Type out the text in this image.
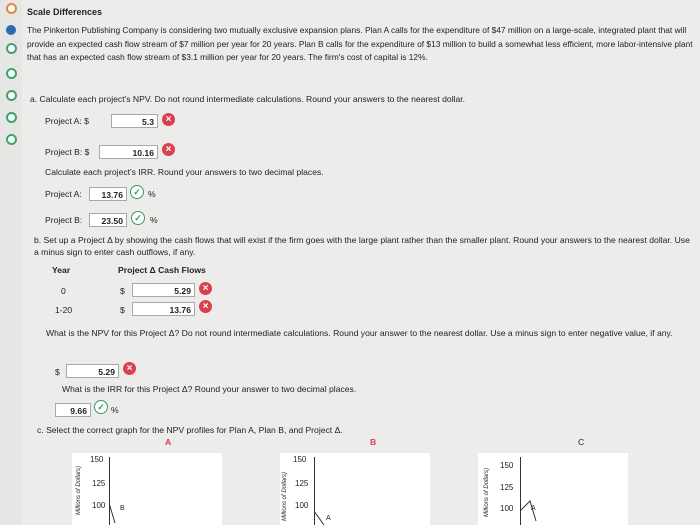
Scale Differences
The Pinkerton Publishing Company is considering two mutually exclusive expansion plans. Plan A calls for the expenditure of $47 million on a large-scale, integrated plant that will provide an expected cash flow stream of $7 million per year for 20 years. Plan B calls for the expenditure of $13 million to build a somewhat less efficient, more labor-intensive plant that has an expected cash flow stream of $3.1 million per year for 20 years. The firm's cost of capital is 12%.
a. Calculate each project's NPV. Do not round intermediate calculations. Round your answers to the nearest dollar.
Project A: $	5.3	×
Project B: $	10.16	×
Calculate each project's IRR. Round your answers to two decimal places.
Project A:	13.76	✓ %
Project B:	23.50	✓ %
b. Set up a Project Δ by showing the cash flows that will exist if the firm goes with the large plant rather than the smaller plant. Round your answers to the nearest dollar. Use a minus sign to enter cash outflows, if any.
Year	Project Δ Cash Flows
0	$	5.29	×
1-20	$	13.76	×
What is the NPV for this Project Δ? Do not round intermediate calculations. Round your answer to the nearest dollar. Use a minus sign to enter negative value, if any.
$	5.29	×
What is the IRR for this Project Δ? Round your answer to two decimal places.
9.66	✓ %
c. Select the correct graph for the NPV profiles for Plan A, Plan B, and Project Δ.
A	B	C
Millions of Dollars)
150
125
100 B	Millions of Dollars)
150
125
100
A
Millions of Dollars)
150
125
100	A
